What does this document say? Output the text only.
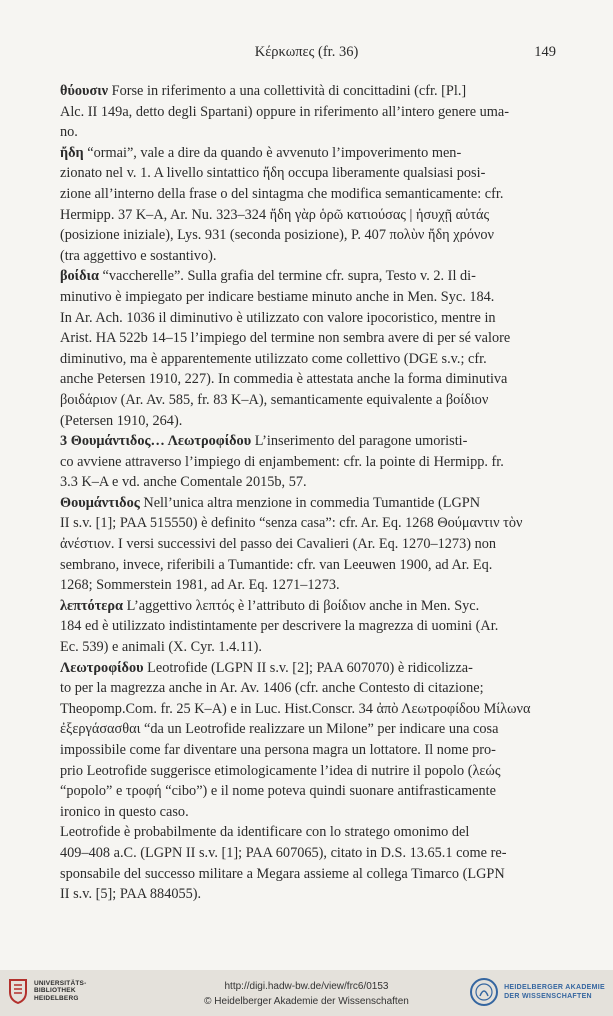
Κέρκωπες (fr. 36)	149
θύουσιν Forse in riferimento a una collettività di concittadini (cfr. [Pl.]
Alc. II 149a, detto degli Spartani) oppure in riferimento all’intero genere uma-
no.
ἤδη “ormai”, vale a dire da quando è avvenuto l’impoverimento men-
zionato nel v. 1. A livello sintattico ἤδη occupa liberamente qualsiasi posi-
zione all’interno della frase o del sintagma che modifica semanticamente: cfr.
Hermipp. 37 K–A, Ar. Nu. 323–324 ἤδη γὰρ ὁρῶ κατιούσας | ἡσυχῇ αὐτάς
(posizione iniziale), Lys. 931 (seconda posizione), P. 407 πολὺν ἤδη χρόνον
(tra aggettivo e sostantivo).
βοίδια “vaccherelle”. Sulla grafia del termine cfr. supra, Testo v. 2. Il di-
minutivo è impiegato per indicare bestiame minuto anche in Men. Syc. 184.
In Ar. Ach. 1036 il diminutivo è utilizzato con valore ipocoristico, mentre in
Arist. HA 522b 14–15 l’impiego del termine non sembra avere di per sé valore
diminutivo, ma è apparentemente utilizzato come collettivo (DGE s.v.; cfr.
anche Petersen 1910, 227). In commedia è attestata anche la forma diminutiva
βοιδάριον (Ar. Av. 585, fr. 83 K–A), semanticamente equivalente a βοίδιον
(Petersen 1910, 264).
3 Θουμάντιδος… Λεωτροφίδου L’inserimento del paragone umoristi-
co avviene attraverso l’impiego di enjambement: cfr. la pointe di Hermipp. fr.
3.3 K–A e vd. anche Comentale 2015b, 57.
Θουμάντιδος Nell’unica altra menzione in commedia Tumantide (LGPN
II s.v. [1]; PAA 515550) è definito “senza casa”: cfr. Ar. Eq. 1268 Θούμαντιν τὸν
ἀνέστιον. I versi successivi del passo dei Cavalieri (Ar. Eq. 1270–1273) non
sembrano, invece, riferibili a Tumantide: cfr. van Leeuwen 1900, ad Ar. Eq.
1268; Sommerstein 1981, ad Ar. Eq. 1271–1273.
λεπτότερα L’aggettivo λεπτός è l’attributo di βοίδιον anche in Men. Syc.
184 ed è utilizzato indistintamente per descrivere la magrezza di uomini (Ar.
Ec. 539) e animali (X. Cyr. 1.4.11).
Λεωτροφίδου Leotrofide (LGPN II s.v. [2]; PAA 607070) è ridicolizza-
to per la magrezza anche in Ar. Av. 1406 (cfr. anche Contesto di citazione;
Theopomp.Com. fr. 25 K–A) e in Luc. Hist.Conscr. 34 ἀπὸ Λεωτροφίδου Μίλωνα
ἐξεργάσασθαι “da un Leotrofide realizzare un Milone” per indicare una cosa
impossibile come far diventare una persona magra un lottatore. Il nome pro-
prio Leotrofide suggerisce etimologicamente l’idea di nutrire il popolo (λεώς
“popolo” e τροφή “cibo”) e il nome poteva quindi suonare antifrasticamente
ironico in questo caso.
Leotrofide è probabilmente da identificare con lo stratego omonimo del
409–408 a.C. (LGPN II s.v. [1]; PAA 607065), citato in D.S. 13.65.1 come re-
sponsabile del successo militare a Megara assieme al collega Timarco (LGPN
II s.v. [5]; PAA 884055).
UNIVERSITÄTS-
BIBLIOTHEK
HEIDELBERG
http://digi.hadw-bw.de/view/frc6/0153
© Heidelberger Akademie der Wissenschaften
HEIDELBERGER AKADEMIE
DER WISSENSCHAFTEN
